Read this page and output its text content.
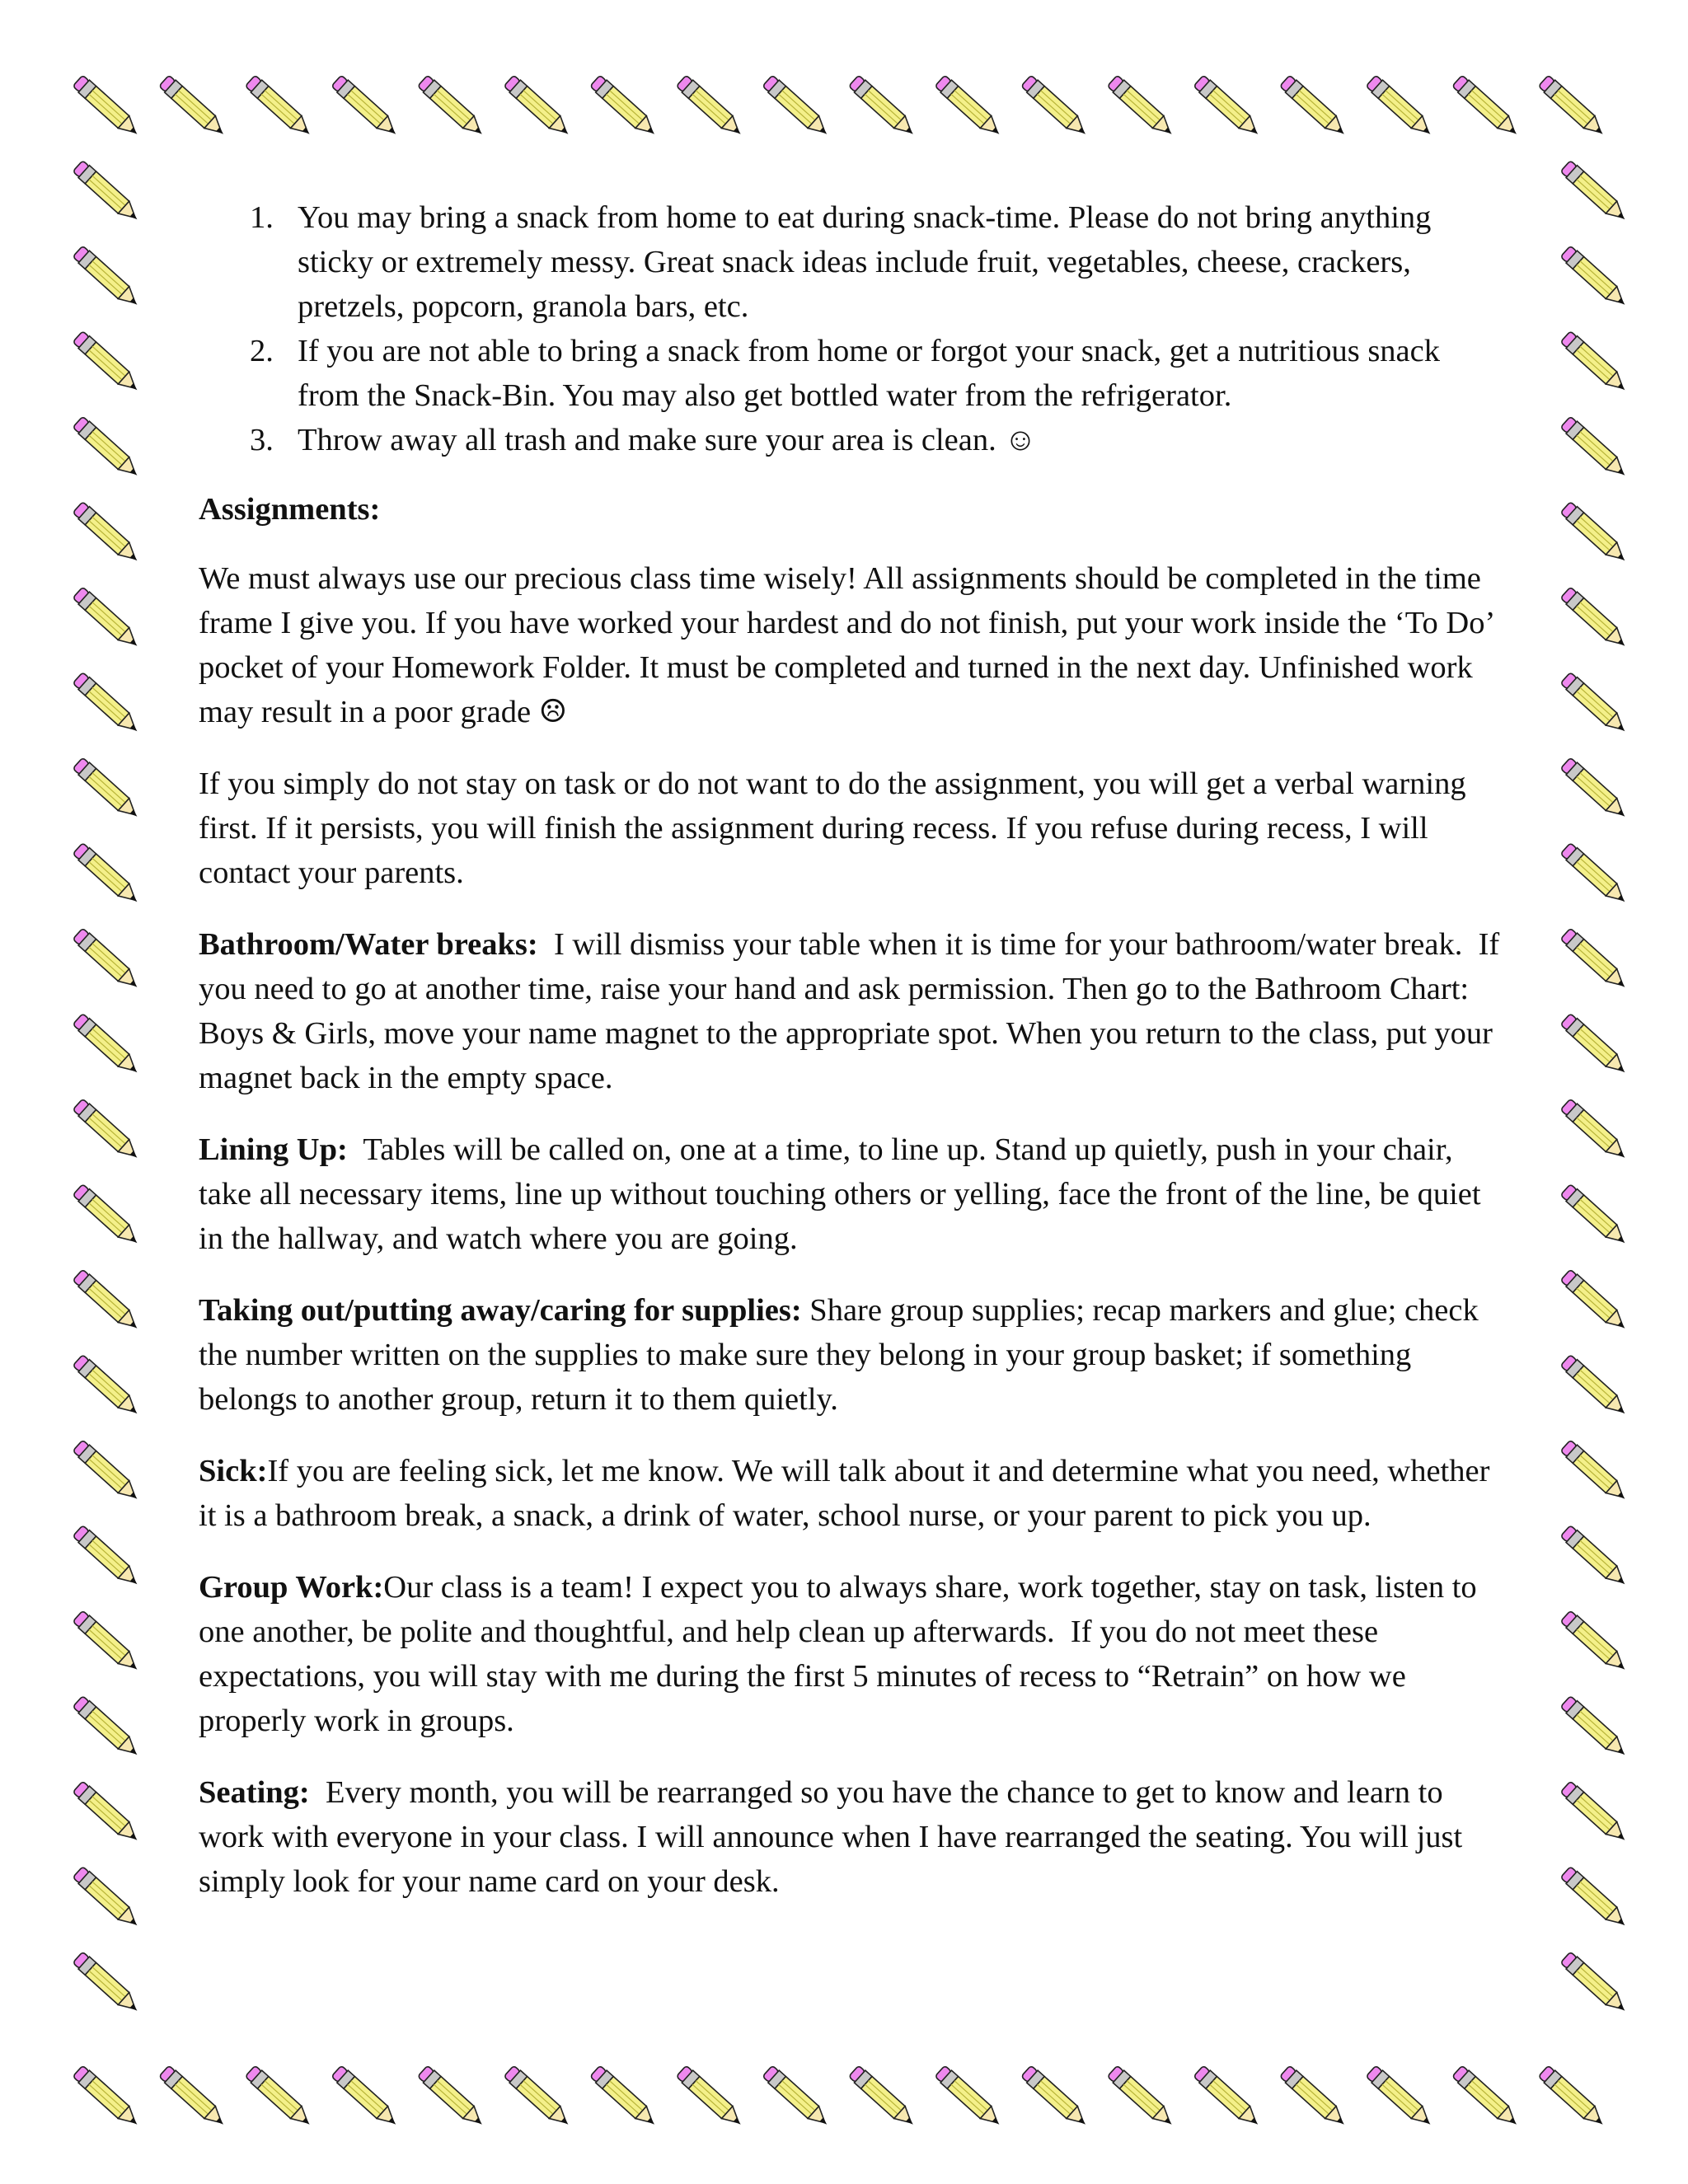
1. You may bring a snack from home to eat during snack-time. Please do not bring anything sticky or extremely messy. Great snack ideas include fruit, vegetables, cheese, crackers, pretzels, popcorn, granola bars, etc.
2. If you are not able to bring a snack from home or forgot your snack, get a nutritious snack from the Snack-Bin. You may also get bottled water from the refrigerator.
3. Throw away all trash and make sure your area is clean. ☺
Assignments:

We must always use our precious class time wisely! All assignments should be completed in the time frame I give you. If you have worked your hardest and do not finish, put your work inside the ‘To Do’ pocket of your Homework Folder. It must be completed and turned in the next day. Unfinished work may result in a poor grade ☹

If you simply do not stay on task or do not want to do the assignment, you will get a verbal warning first. If it persists, you will finish the assignment during recess. If you refuse during recess, I will contact your parents.

Bathroom/Water breaks:  I will dismiss your table when it is time for your bathroom/water break.  If you need to go at another time, raise your hand and ask permission. Then go to the Bathroom Chart: Boys & Girls, move your name magnet to the appropriate spot. When you return to the class, put your magnet back in the empty space.

Lining Up:  Tables will be called on, one at a time, to line up. Stand up quietly, push in your chair, take all necessary items, line up without touching others or yelling, face the front of the line, be quiet in the hallway, and watch where you are going.

Taking out/putting away/caring for supplies: Share group supplies; recap markers and glue; check the number written on the supplies to make sure they belong in your group basket; if something belongs to another group, return it to them quietly.

Sick:If you are feeling sick, let me know. We will talk about it and determine what you need, whether it is a bathroom break, a snack, a drink of water, school nurse, or your parent to pick you up.

Group Work:Our class is a team! I expect you to always share, work together, stay on task, listen to one another, be polite and thoughtful, and help clean up afterwards.  If you do not meet these expectations, you will stay with me during the first 5 minutes of recess to “Retrain” on how we properly work in groups.

Seating:  Every month, you will be rearranged so you have the chance to get to know and learn to work with everyone in your class. I will announce when I have rearranged the seating. You will just simply look for your name card on your desk.
